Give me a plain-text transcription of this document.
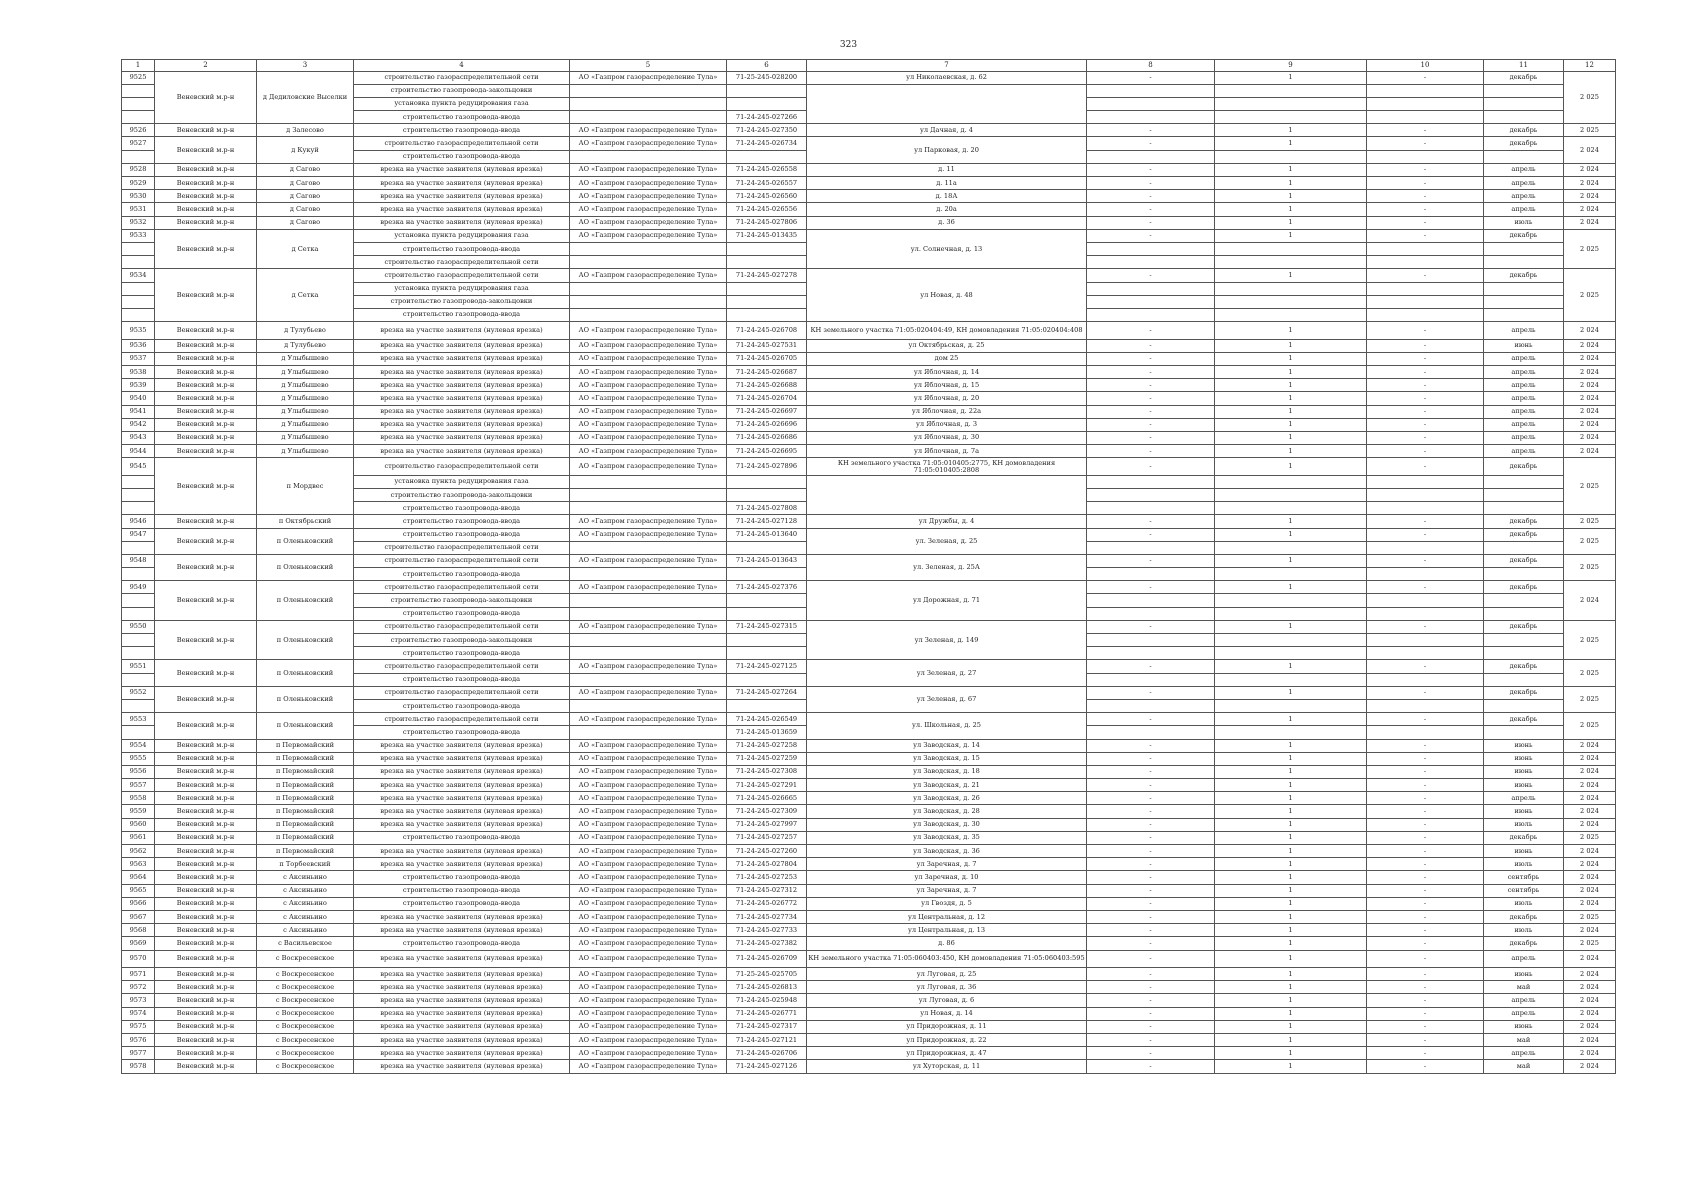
323
1	2	3	4	5	6	7	8	9	10	11	12
9525	Веневский м.р-н	д Дедиловские Выселки	строительство газораспределительной сети	АО «Газпром газораспределение Тула»	71-25-245-028200	ул Николаевская, д. 62	-	1	-	декабрь	2 025
			строительство газопровода-закольцовки								
			установка пункта редуцирования газа								
			строительство газопровода-ввода		71-24-245-027266						
9526	Веневский м.р-н	д Залесово	строительство газопровода-ввода	АО «Газпром газораспределение Тула»	71-24-245-027350	ул Дачная, д. 4	-	1	-	декабрь	2 025
9527	Веневский м.р-н	д Кукуй	строительство газораспределительной сети	АО «Газпром газораспределение Тула»	71-24-245-026734	ул Парковая, д. 20	-	1	-	декабрь	2 024
			строительство газопровода-ввода								
9528	Веневский м.р-н	д Сагово	врезка на участке заявителя (нулевая врезка)	АО «Газпром газораспределение Тула»	71-24-245-026558	д. 11	-	1	-	апрель	2 024
9529	Веневский м.р-н	д Сагово	врезка на участке заявителя (нулевая врезка)	АО «Газпром газораспределение Тула»	71-24-245-026557	д. 11а	-	1	-	апрель	2 024
9530	Веневский м.р-н	д Сагово	врезка на участке заявителя (нулевая врезка)	АО «Газпром газораспределение Тула»	71-24-245-026560	д. 18А	-	1	-	апрель	2 024
9531	Веневский м.р-н	д Сагово	врезка на участке заявителя (нулевая врезка)	АО «Газпром газораспределение Тула»	71-24-245-026556	д. 20а	-	1	-	апрель	2 024
9532	Веневский м.р-н	д Сагово	врезка на участке заявителя (нулевая врезка)	АО «Газпром газораспределение Тула»	71-24-245-027806	д. 36	-	1	-	июль	2 024
9533	Веневский м.р-н	д Сетка	установка пункта редуцирования газа	АО «Газпром газораспределение Тула»	71-24-245-013435	ул. Солнечная, д. 13	-	1	-	декабрь	2 025
			строительство газопровода-ввода								
			строительство газораспределительной сети								
9534	Веневский м.р-н	д Сетка	строительство газораспределительной сети	АО «Газпром газораспределение Тула»	71-24-245-027278	ул Новая, д. 48	-	1	-	декабрь	2 025
			установка пункта редуцирования газа								
			строительство газопровода-закольцовки								
			строительство газопровода-ввода								
9535	Веневский м.р-н	д Тулубьево	врезка на участке заявителя (нулевая врезка)	АО «Газпром газораспределение Тула»	71-24-245-026708	КН земельного участка 71:05:020404:49, КН домовладения 71:05:020404:408	-	1	-	апрель	2 024
9536	Веневский м.р-н	д Тулубьево	врезка на участке заявителя (нулевая врезка)	АО «Газпром газораспределение Тула»	71-24-245-027531	ул Октябрьская, д. 25	-	1	-	июнь	2 024
9537	Веневский м.р-н	д Улыбышево	врезка на участке заявителя (нулевая врезка)	АО «Газпром газораспределение Тула»	71-24-245-026705	дом 25	-	1	-	апрель	2 024
9538	Веневский м.р-н	д Улыбышево	врезка на участке заявителя (нулевая врезка)	АО «Газпром газораспределение Тула»	71-24-245-026687	ул Яблочная, д. 14	-	1	-	апрель	2 024
9539	Веневский м.р-н	д Улыбышево	врезка на участке заявителя (нулевая врезка)	АО «Газпром газораспределение Тула»	71-24-245-026688	ул Яблочная, д. 15	-	1	-	апрель	2 024
9540	Веневский м.р-н	д Улыбышево	врезка на участке заявителя (нулевая врезка)	АО «Газпром газораспределение Тула»	71-24-245-026704	ул Яблочная, д. 20	-	1	-	апрель	2 024
9541	Веневский м.р-н	д Улыбышево	врезка на участке заявителя (нулевая врезка)	АО «Газпром газораспределение Тула»	71-24-245-026697	ул Яблочная, д. 22а	-	1	-	апрель	2 024
9542	Веневский м.р-н	д Улыбышево	врезка на участке заявителя (нулевая врезка)	АО «Газпром газораспределение Тула»	71-24-245-026696	ул Яблочная, д. 3	-	1	-	апрель	2 024
9543	Веневский м.р-н	д Улыбышево	врезка на участке заявителя (нулевая врезка)	АО «Газпром газораспределение Тула»	71-24-245-026686	ул Яблочная, д. 30	-	1	-	апрель	2 024
9544	Веневский м.р-н	д Улыбышево	врезка на участке заявителя (нулевая врезка)	АО «Газпром газораспределение Тула»	71-24-245-026695	ул Яблочная, д. 7а	-	1	-	апрель	2 024
9545	Веневский м.р-н	п Мордвес	строительство газораспределительной сети	АО «Газпром газораспределение Тула»	71-24-245-027896	КН земельного участка 71:05:010405:2775, КН домовладения 71:05:010405:2808	-	1	-	декабрь	2 025
			установка пункта редуцирования газа								
			строительство газопровода-закольцовки								
			строительство газопровода-ввода		71-24-245-027808						
9546	Веневский м.р-н	п Октябрьский	строительство газопровода-ввода	АО «Газпром газораспределение Тула»	71-24-245-027128	ул Дружбы, д. 4	-	1	-	декабрь	2 025
9547	Веневский м.р-н	п Оленьковский	строительство газопровода-ввода	АО «Газпром газораспределение Тула»	71-24-245-013640	ул. Зеленая, д. 25	-	1	-	декабрь	2 025
			строительство газораспределительной сети								
9548	Веневский м.р-н	п Оленьковский	строительство газораспределительной сети	АО «Газпром газораспределение Тула»	71-24-245-013643	ул. Зеленая, д. 25А	-	1	-	декабрь	2 025
			строительство газопровода-ввода								
9549	Веневский м.р-н	п Оленьковский	строительство газораспределительной сети	АО «Газпром газораспределение Тула»	71-24-245-027376	ул Дорожная, д. 71	-	1	-	декабрь	2 024
			строительство газопровода-закольцовки								
			строительство газопровода-ввода								
9550	Веневский м.р-н	п Оленьковский	строительство газораспределительной сети	АО «Газпром газораспределение Тула»	71-24-245-027315	ул Зеленая, д. 149	-	1	-	декабрь	2 025
			строительство газопровода-закольцовки								
			строительство газопровода-ввода								
9551	Веневский м.р-н	п Оленьковский	строительство газораспределительной сети	АО «Газпром газораспределение Тула»	71-24-245-027125	ул Зеленая, д. 27	-	1	-	декабрь	2 025
			строительство газопровода-ввода								
9552	Веневский м.р-н	п Оленьковский	строительство газораспределительной сети	АО «Газпром газораспределение Тула»	71-24-245-027264	ул Зеленая, д. 67	-	1	-	декабрь	2 025
			строительство газопровода-ввода								
9553	Веневский м.р-н	п Оленьковский	строительство газораспределительной сети	АО «Газпром газораспределение Тула»	71-24-245-026549	ул. Школьная, д. 25	-	1	-	декабрь	2 025
			строительство газопровода-ввода		71-24-245-013659						
9554	Веневский м.р-н	п Первомайский	врезка на участке заявителя (нулевая врезка)	АО «Газпром газораспределение Тула»	71-24-245-027258	ул Заводская, д. 14	-	1	-	июнь	2 024
9555	Веневский м.р-н	п Первомайский	врезка на участке заявителя (нулевая врезка)	АО «Газпром газораспределение Тула»	71-24-245-027259	ул Заводская, д. 15	-	1	-	июнь	2 024
9556	Веневский м.р-н	п Первомайский	врезка на участке заявителя (нулевая врезка)	АО «Газпром газораспределение Тула»	71-24-245-027308	ул Заводская, д. 18	-	1	-	июнь	2 024
9557	Веневский м.р-н	п Первомайский	врезка на участке заявителя (нулевая врезка)	АО «Газпром газораспределение Тула»	71-24-245-027291	ул Заводская, д. 21	-	1	-	июнь	2 024
9558	Веневский м.р-н	п Первомайский	врезка на участке заявителя (нулевая врезка)	АО «Газпром газораспределение Тула»	71-24-245-026665	ул Заводская, д. 26	-	1	-	апрель	2 024
9559	Веневский м.р-н	п Первомайский	врезка на участке заявителя (нулевая врезка)	АО «Газпром газораспределение Тула»	71-24-245-027309	ул Заводская, д. 28	-	1	-	июнь	2 024
9560	Веневский м.р-н	п Первомайский	врезка на участке заявителя (нулевая врезка)	АО «Газпром газораспределение Тула»	71-24-245-027997	ул Заводская, д. 30	-	1	-	июль	2 024
9561	Веневский м.р-н	п Первомайский	строительство газопровода-ввода	АО «Газпром газораспределение Тула»	71-24-245-027257	ул Заводская, д. 35	-	1	-	декабрь	2 025
9562	Веневский м.р-н	п Первомайский	врезка на участке заявителя (нулевая врезка)	АО «Газпром газораспределение Тула»	71-24-245-027260	ул Заводская, д. 36	-	1	-	июнь	2 024
9563	Веневский м.р-н	п Торбеевский	врезка на участке заявителя (нулевая врезка)	АО «Газпром газораспределение Тула»	71-24-245-027804	ул Заречная, д. 7	-	1	-	июль	2 024
9564	Веневский м.р-н	с Аксиньино	строительство газопровода-ввода	АО «Газпром газораспределение Тула»	71-24-245-027253	ул Заречная, д. 10	-	1	-	сентябрь	2 024
9565	Веневский м.р-н	с Аксиньино	строительство газопровода-ввода	АО «Газпром газораспределение Тула»	71-24-245-027312	ул Заречная, д. 7	-	1	-	сентябрь	2 024
9566	Веневский м.р-н	с Аксиньино	строительство газопровода-ввода	АО «Газпром газораспределение Тула»	71-24-245-026772	ул Гвоздя, д. 5	-	1	-	июль	2 024
9567	Веневский м.р-н	с Аксиньино	врезка на участке заявителя (нулевая врезка)	АО «Газпром газораспределение Тула»	71-24-245-027734	ул Центральная, д. 12	-	1	-	декабрь	2 025
9568	Веневский м.р-н	с Аксиньино	врезка на участке заявителя (нулевая врезка)	АО «Газпром газораспределение Тула»	71-24-245-027733	ул Центральная, д. 13	-	1	-	июль	2 024
9569	Веневский м.р-н	с Васильевское	строительство газопровода-ввода	АО «Газпром газораспределение Тула»	71-24-245-027382	д. 86	-	1	-	декабрь	2 025
9570	Веневский м.р-н	с Воскресенское	врезка на участке заявителя (нулевая врезка)	АО «Газпром газораспределение Тула»	71-24-245-026709	КН земельного участка 71:05:060403:450, КН домовладения 71:05:060403:595	-	1	-	апрель	2 024
9571	Веневский м.р-н	с Воскресенское	врезка на участке заявителя (нулевая врезка)	АО «Газпром газораспределение Тула»	71-25-245-025705	ул Луговая, д. 25	-	1	-	июнь	2 024
9572	Веневский м.р-н	с Воскресенское	врезка на участке заявителя (нулевая врезка)	АО «Газпром газораспределение Тула»	71-24-245-026813	ул Луговая, д. 36	-	1	-	май	2 024
9573	Веневский м.р-н	с Воскресенское	врезка на участке заявителя (нулевая врезка)	АО «Газпром газораспределение Тула»	71-24-245-025948	ул Луговая, д. 6	-	1	-	апрель	2 024
9574	Веневский м.р-н	с Воскресенское	врезка на участке заявителя (нулевая врезка)	АО «Газпром газораспределение Тула»	71-24-245-026771	ул Новая, д. 14	-	1	-	апрель	2 024
9575	Веневский м.р-н	с Воскресенское	врезка на участке заявителя (нулевая врезка)	АО «Газпром газораспределение Тула»	71-24-245-027317	ул Придорожная, д. 11	-	1	-	июнь	2 024
9576	Веневский м.р-н	с Воскресенское	врезка на участке заявителя (нулевая врезка)	АО «Газпром газораспределение Тула»	71-24-245-027121	ул Придорожная, д. 22	-	1	-	май	2 024
9577	Веневский м.р-н	с Воскресенское	врезка на участке заявителя (нулевая врезка)	АО «Газпром газораспределение Тула»	71-24-245-026706	ул Придорожная, д. 47	-	1	-	апрель	2 024
9578	Веневский м.р-н	с Воскресенское	врезка на участке заявителя (нулевая врезка)	АО «Газпром газораспределение Тула»	71-24-245-027126	ул Хуторская, д. 11	-	1	-	май	2 024
